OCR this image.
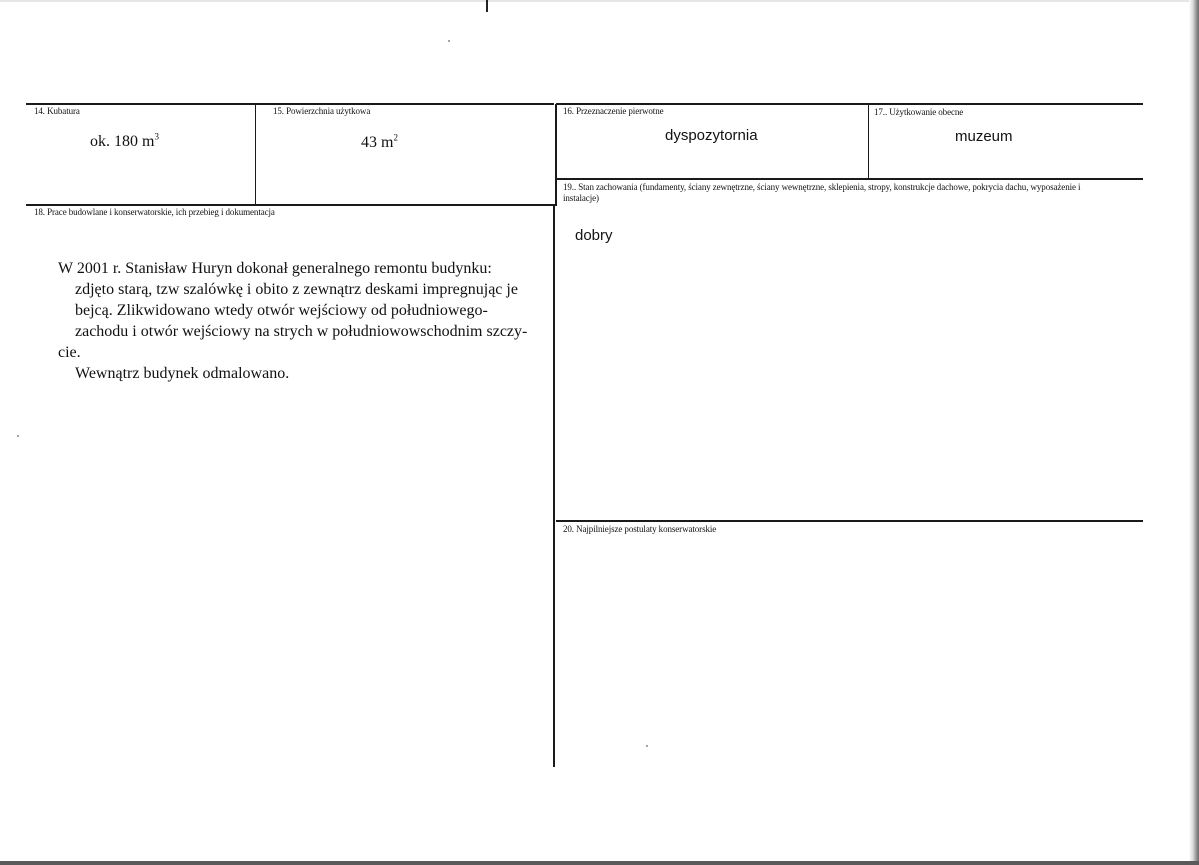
14. Kubatura
ok. 180 $m^3$
15. Powierzchnia użytkowa
43 $m^2$
16. Przeznaczenie pierwotne
dyspozytornia
17.. Użytkowanie obecne
muzeum
19.. Stan zachowania (fundamenty, ściany zewnętrzne, ściany wewnętrzne, sklepienia, stropy, konstrukcje dachowe, pokrycia dachu, wyposażenie i instalacje)
dobry
18. Prace budowlane i konserwatorskie, ich przebieg i dokumentacja

W 2001 r. Stanisław Huryn dokonał generalnego remontu budynku:

zdjęto starą, tzw szalówkę i obito z zewnątrz deskami impregnując je

bejcą. Zlikwidowano wtedy otwór wejściowy od południowego-

zachodu i otwór wejściowy na strych w południowowschodnim szczy-

cie.

Wewnątrz budynek odmalowano.

20. Najpilniejsze postulaty konserwatorskie
